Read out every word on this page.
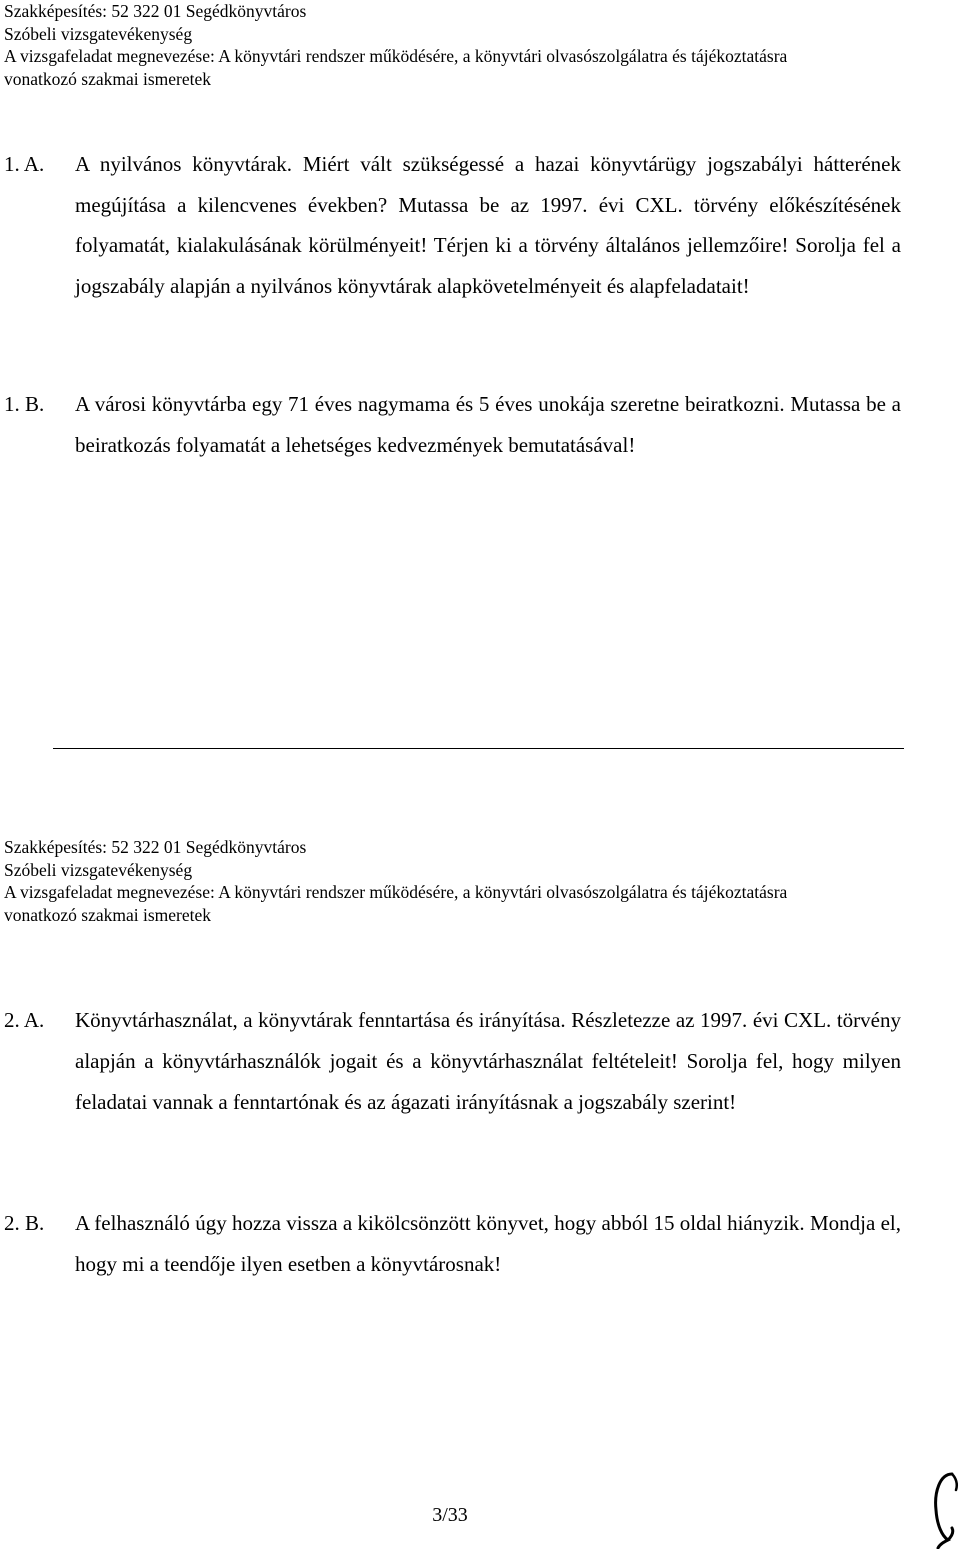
Szakképesítés: 52 322 01 Segédkönyvtáros
Szóbeli vizsgatevékenység
A vizsgafeladat megnevezése: A könyvtári rendszer működésére, a könyvtári olvasószolgálatra és tájékoztatásra
vonatkozó szakmai ismeretek
1. A. A nyilvános könyvtárak. Miért vált szükségessé a hazai könyvtárügy jogszabályi hátterének megújítása a kilencvenes években? Mutassa be az 1997. évi CXL. törvény előkészítésének folyamatát, kialakulásának körülményeit! Térjen ki a törvény általános jellemzőire! Sorolja fel a jogszabály alapján a nyilvános könyvtárak alapkövetelményeit és alapfeladatait!
1. B. A városi könyvtárba egy 71 éves nagymama és 5 éves unokája szeretne beiratkozni. Mutassa be a beiratkozás folyamatát a lehetséges kedvezmények bemutatásával!
Szakképesítés: 52 322 01 Segédkönyvtáros
Szóbeli vizsgatevékenység
A vizsgafeladat megnevezése: A könyvtári rendszer működésére, a könyvtári olvasószolgálatra és tájékoztatásra
vonatkozó szakmai ismeretek
2. A. Könyvtárhasználat, a könyvtárak fenntartása és irányítása. Részletezze az 1997. évi CXL. törvény alapján a könyvtárhasználók jogait és a könyvtárhasználat feltételeit! Sorolja fel, hogy milyen feladatai vannak a fenntartónak és az ágazati irányításnak a jogszabály szerint!
2. B. A felhasználó úgy hozza vissza a kikölcsönzött könyvet, hogy abból 15 oldal hiányzik. Mondja el, hogy mi a teendője ilyen esetben a könyvtárosnak!
3/33
